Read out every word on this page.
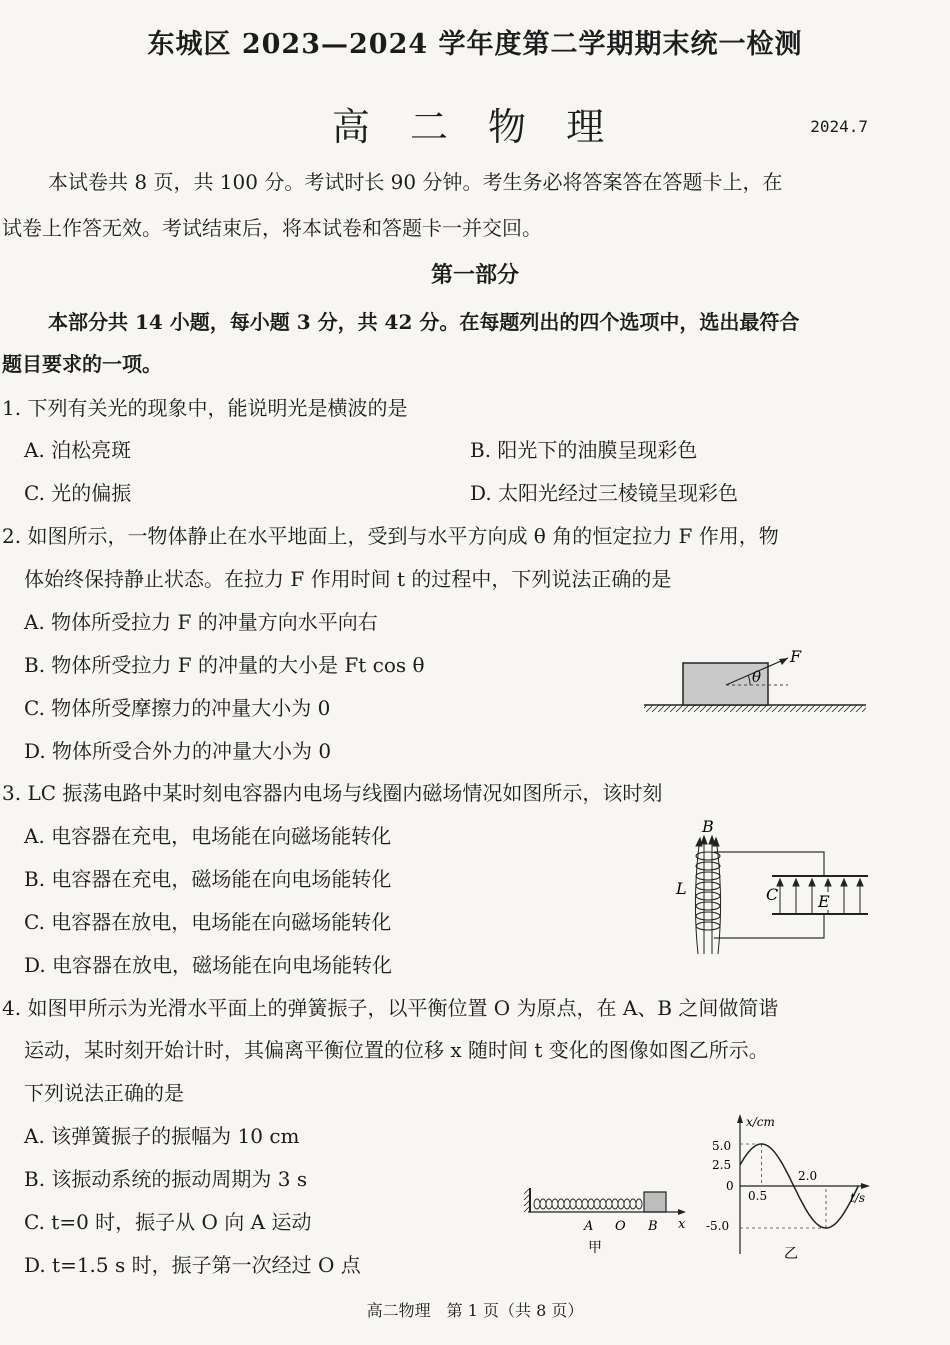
东城区 2023—2024 学年度第二学期期末统一检测
高 二 物 理	2024.7
本试卷共 8 页，共 100 分。考试时长 90 分钟。考生务必将答案答在答题卡上，在
试卷上作答无效。考试结束后，将本试卷和答题卡一并交回。
第一部分
本部分共 14 小题，每小题 3 分，共 42 分。在每题列出的四个选项中，选出最符合
题目要求的一项。
1. 下列有关光的现象中，能说明光是横波的是
A. 泊松亮斑	B. 阳光下的油膜呈现彩色
C. 光的偏振	D. 太阳光经过三棱镜呈现彩色
2. 如图所示，一物体静止在水平地面上，受到与水平方向成 θ 角的恒定拉力 F 作用，物
体始终保持静止状态。在拉力 F 作用时间 t 的过程中，下列说法正确的是
A. 物体所受拉力 F 的冲量方向水平向右
B. 物体所受拉力 F 的冲量的大小是 Ft cos θ
C. 物体所受摩擦力的冲量大小为 0
D. 物体所受合外力的冲量大小为 0
F
θ
3. LC 振荡电路中某时刻电容器内电场与线圈内磁场情况如图所示，该时刻
A. 电容器在充电，电场能在向磁场能转化
B. 电容器在充电，磁场能在向电场能转化
C. 电容器在放电，电场能在向磁场能转化
D. 电容器在放电，磁场能在向电场能转化
E
C
B
L
4. 如图甲所示为光滑水平面上的弹簧振子，以平衡位置 O 为原点，在 A、B 之间做简谐
运动，某时刻开始计时，其偏离平衡位置的位移 x 随时间 t 变化的图像如图乙所示。
下列说法正确的是
A. 该弹簧振子的振幅为 10 cm
B. 该振动系统的振动周期为 3 s
C. t=0 时，振子从 O 向 A 运动
D. t=1.5 s 时，振子第一次经过 O 点
A O B x
甲
x/cm
t/s
5.0
2.5
0
-5.0
0.5
2.0
乙
高二物理　第 1 页（共 8 页）
